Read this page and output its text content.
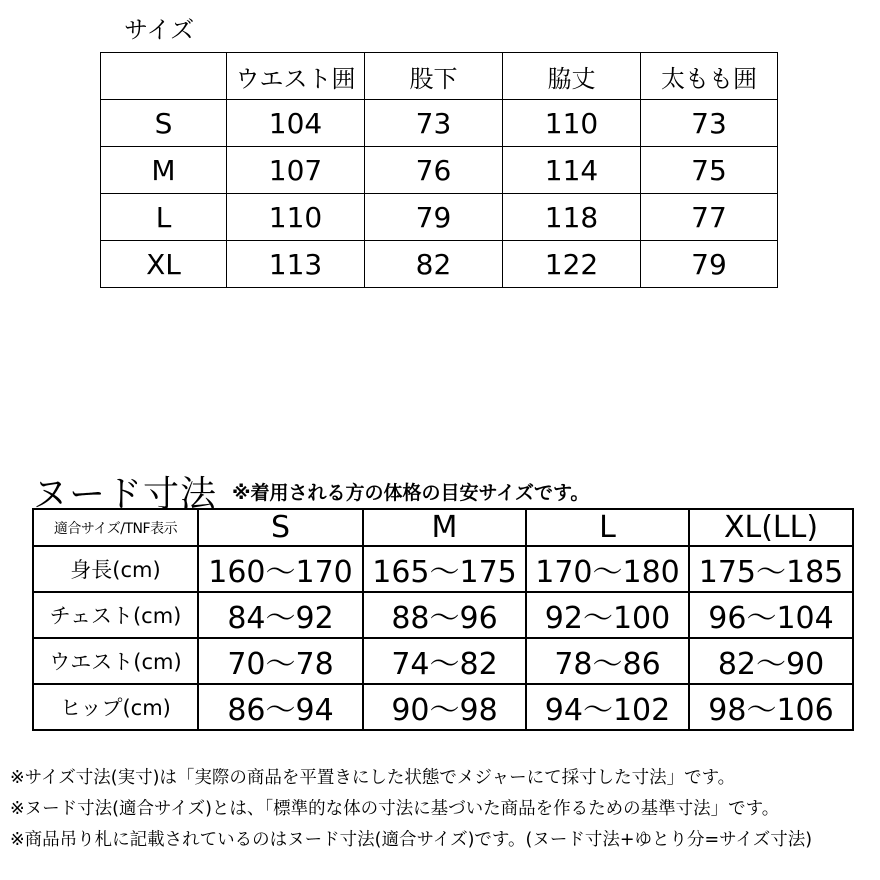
サイズ
	ウエスト囲	股下	脇丈	太もも囲
S	104	73	110	73
M	107	76	114	75
L	110	79	118	77
XL	113	82	122	79
ヌード寸法 ※着用される方の体格の目安サイズです。
適合サイズ/TNF表示	S	M	L	XL(LL)
身長(cm)	160〜170	165〜175	170〜180	175〜185
チェスト(cm)	84〜92	88〜96	92〜100	96〜104
ウエスト(cm)	70〜78	74〜82	78〜86	82〜90
ヒップ(cm)	86〜94	90〜98	94〜102	98〜106
※サイズ寸法(実寸)は「実際の商品を平置きにした状態でメジャーにて採寸した寸法」です。
※ヌード寸法(適合サイズ)とは、「標準的な体の寸法に基づいた商品を作るための基準寸法」です。
※商品吊り札に記載されているのはヌード寸法(適合サイズ)です。(ヌード寸法+ゆとり分=サイズ寸法)
